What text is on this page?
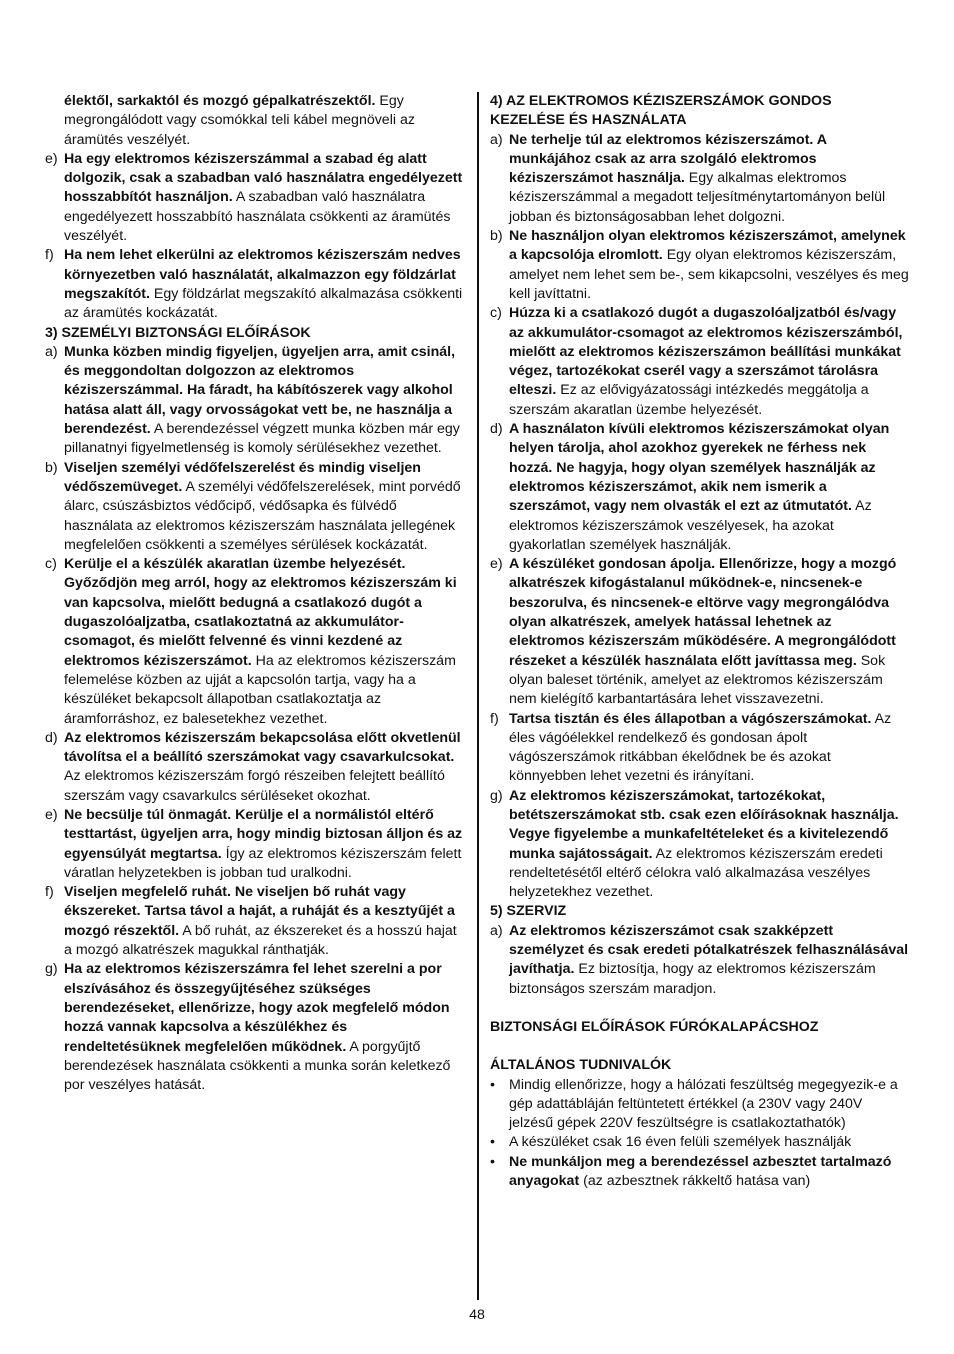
élektől, sarkaktól és mozgó gépalkatrészektől. Egy megrongálódott vagy csomókkal teli kábel megnöveli az áramütés veszélyét.

e) Ha egy elektromos kéziszerszámmal a szabad ég alatt dolgozik, csak a szabadban való használatra engedélyezett hosszabbítót használjon. A szabadban való használatra engedélyezett hosszabbító használata csökkenti az áramütés veszélyét.
f) Ha nem lehet elkerülni az elektromos kéziszerszám nedves környezetben való használatát, alkalmazzon egy földzárlat megszakítót. Egy földzárlat megszakító alkalmazása csökkenti az áramütés kockázatát.

3) SZEMÉLYI BIZTONSÁGI ELŐÍRÁSOK

a) Munka közben mindig figyeljen, ügyeljen arra, amit csinál, és meggondoltan dolgozzon az elektromos kéziszerszámmal. Ha fáradt, ha kábítószerek vagy alkohol hatása alatt áll, vagy orvosságokat vett be, ne használja a berendezést. A berendezéssel végzett munka közben már egy pillanatnyi figyelmetlenség is komoly sérülésekhez vezethet.
b) Viseljen személyi védőfelszerelést és mindig viseljen védőszemüveget. A személyi védőfelszerelések, mint porvédő álarc, csúszásbiztos védőcipő, védősapka és fülvédő használata az elektromos kéziszerszám használata jellegének megfelelően csökkenti a személyes sérülések kockázatát.
c) Kerülje el a készülék akaratlan üzembe helyezését. Győződjön meg arról, hogy az elektromos kéziszerszám ki van kapcsolva, mielőtt bedugná a csatlakozó dugót a dugaszolóaljzatba, csatlakoztatná az akkumulátor-csomagot, és mielőtt felvenné és vinni kezdené az elektromos kéziszerszámot. Ha az elektromos kéziszerszám felemelése közben az ujját a kapcsolón tartja, vagy ha a készüléket bekapcsolt állapotban csatlakoztatja az áramforráshoz, ez balesetekhez vezethet.
d) Az elektromos kéziszerszám bekapcsolása előtt okvetlenül távolítsa el a beállító szerszámokat vagy csavarkulcsokat. Az elektromos kéziszerszám forgó részeiben felejtett beállító szerszám vagy csavarkulcs sérüléseket okozhat.
e) Ne becsülje túl önmagát. Kerülje el a normálistól eltérő testtartást, ügyeljen arra, hogy mindig biztosan álljon és az egyensúlyát megtartsa. Így az elektromos kéziszerszám felett váratlan helyzetekben is jobban tud uralkodni.
f) Viseljen megfelelő ruhát. Ne viseljen bő ruhát vagy ékszereket. Tartsa távol a haját, a ruháját és a kesztyűjét a mozgó részektől. A bő ruhát, az ékszereket és a hosszú hajat a mozgó alkatrészek magukkal ránthatják.
g) Ha az elektromos kéziszerszámra fel lehet szerelni a por elszívásához és összegyűjtéséhez szükséges berendezéseket, ellenőrizze, hogy azok megfelelő módon hozzá vannak kapcsolva a készülékhez és rendeltetésüknek megfelelően működnek. A porgyűjtő berendezések használata csökkenti a munka során keletkező por veszélyes hatását.

4) AZ ELEKTROMOS KÉZISZERSZÁMOK GONDOS KEZELÉSE ÉS HASZNÁLATA

a) Ne terhelje túl az elektromos kéziszerszámot. A munkájához csak az arra szolgáló elektromos kéziszerszámot használja. Egy alkalmas elektromos kéziszerszámmal a megadott teljesítménytartományon belül jobban és biztonságosabban lehet dolgozni.
b) Ne használjon olyan elektromos kéziszerszámot, amelynek a kapcsolója elromlott. Egy olyan elektromos kéziszerszám, amelyet nem lehet sem be-, sem kikapcsolni, veszélyes és meg kell javíttatni.
c) Húzza ki a csatlakozó dugót a dugaszolóaljzatból és/vagy az akkumulátor-csomagot az elektromos kéziszerszámból, mielőtt az elektromos kéziszerszámon beállítási munkákat végez, tartozékokat cserél vagy a szerszámot tárolásra elteszi. Ez az elővigyázatossági intézkedés meggátolja a szerszám akaratlan üzembe helyezését.
d) A használaton kívüli elektromos kéziszerszámokat olyan helyen tárolja, ahol azokhoz gyerekek ne férhess nek hozzá. Ne hagyja, hogy olyan személyek használják az elektromos kéziszerszámot, akik nem ismerik a szerszámot, vagy nem olvasták el ezt az útmutatót. Az elektromos kéziszerszámok veszélyesek, ha azokat gyakorlatlan személyek használják.
e) A készüléket gondosan ápolja. Ellenőrizze, hogy a mozgó alkatrészek kifogástalanul működnek-e, nincsenek-e beszorulva, és nincsenek-e eltörve vagy megrongálódva olyan alkatrészek, amelyek hatással lehetnek az elektromos kéziszerszám működésére. A megrongálódott részeket a készülék használata előtt javíttassa meg. Sok olyan baleset történik, amelyet az elektromos kéziszerszám nem kielégítő karbantartására lehet visszavezetni.
f) Tartsa tisztán és éles állapotban a vágószerszámokat. Az éles vágóélekkel rendelkező és gondosan ápolt vágószerszámok ritkábban ékelődnek be és azokat könnyebben lehet vezetni és irányítani.
g) Az elektromos kéziszerszámokat, tartozékokat, betétszerszámokat stb. csak ezen előírásoknak használja. Vegye figyelembe a munkafeltételeket és a kivitelezendő munka sajátosságait. Az elektromos kéziszerszám eredeti rendeltetésétől eltérő célokra való alkalmazása veszélyes helyzetekhez vezethet.

5) SZERVIZ

a) Az elektromos kéziszerszámot csak szakképzett személyzet és csak eredeti pótalkatrészek felhasználásával javíthatja. Ez biztosítja, hogy az elektromos kéziszerszám biztonságos szerszám maradjon.

BIZTONSÁGI ELŐÍRÁSOK FÚRÓKALAPÁCSHOZ

ÁLTALÁNOS TUDNIVALÓK

• Mindig ellenőrizze, hogy a hálózati feszültség megegyezik-e a gép adattábláján feltüntetett értékkel (a 230V vagy 240V jelzésű gépek 220V feszültségre is csatlakoztathatók)
• A készüléket csak 16 éven felüli személyek használják
• Ne munkáljon meg a berendezéssel azbesztet tartalmazó anyagokat (az azbesztnek rákkeltő hatása van)
48
